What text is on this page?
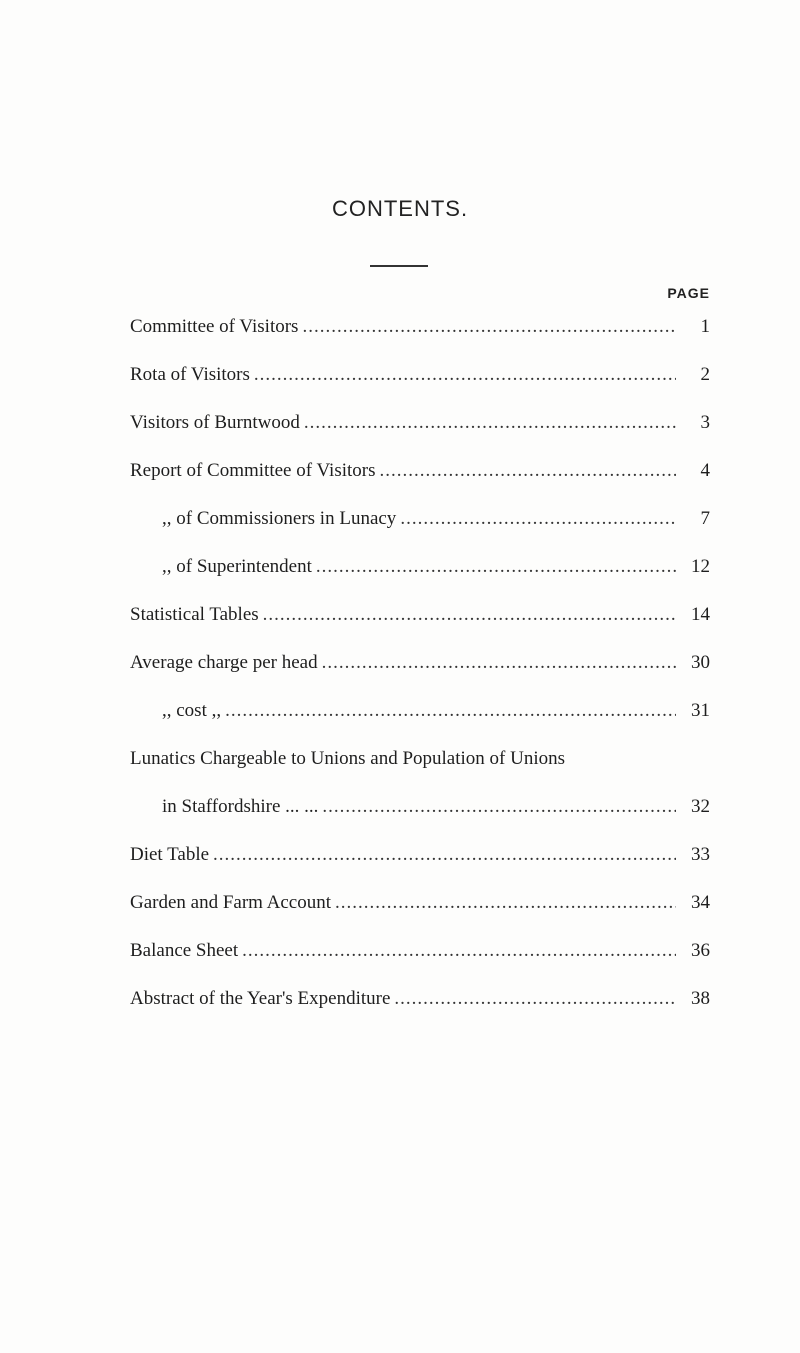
CONTENTS.
PAGE
Committee of Visitors .....	1
Rota of Visitors .....	2
Visitors of Burntwood .....	3
Report of Committee of Visitors .....	4
,, of Commissioners in Lunacy .....	7
,, of Superintendent .....	12
Statistical Tables .....	14
Average charge per head .....	30
,, cost ,, .....	31
Lunatics Chargeable to Unions and Population of Unions
in Staffordshire ... ... .....	32
Diet Table .....	33
Garden and Farm Account .....	34
Balance Sheet .....	36
Abstract of the Year's Expenditure .....	38
